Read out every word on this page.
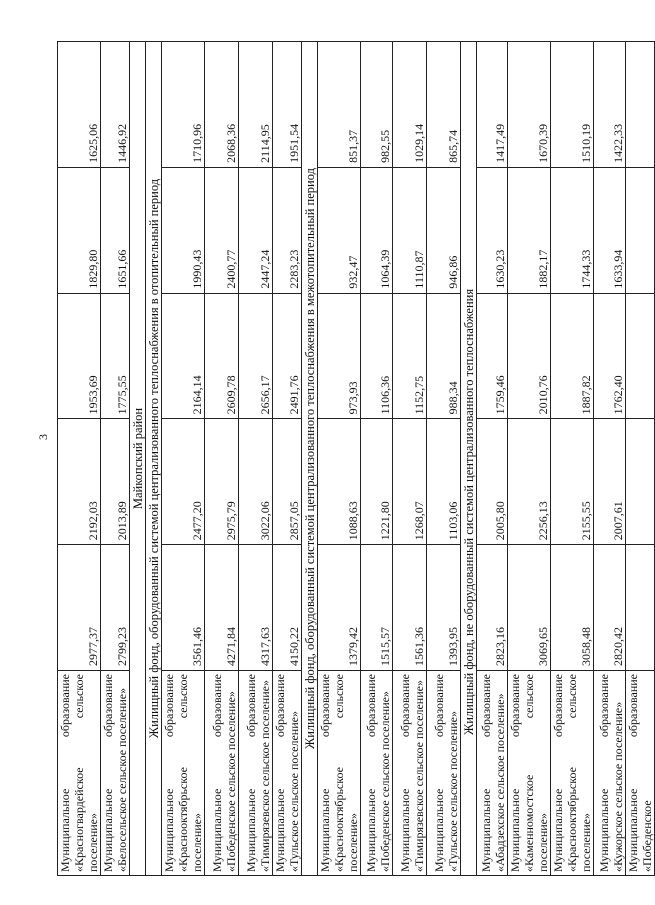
3
Муниципальное образование «Красногвардейское сельское поселение»	2977,37	2192,03	1953,69	1829,80	1625,06
Муниципальное образование «Белосельское сельское поселение»	2799,23	2013,89	1775,55	1651,66	1446,92
Майкопский район					
Жилищный фонд, оборудованный системой централизованного теплоснабжения в отопительный период					
Муниципальное образование «Краснооктябрьское сельское поселение»	3561,46	2477,20	2164,14	1990,43	1710,96
Муниципальное образование «Победенское сельское поселение»	4271,84	2975,79	2609,78	2400,77	2068,36
Муниципальное образование «Тимирязевское сельское поселение»	4317,63	3022,06	2656,17	2447,24	2114,95
Муниципальное образование «Тульское сельское поселение»	4150,22	2857,05	2491,76	2283,23	1951,54
Жилищный фонд, оборудованный системой централизованного теплоснабжения в межотопительный период					
Муниципальное образование «Краснооктябрьское сельское поселение»	1379,42	1088,63	973,93	932,47	851,37
Муниципальное образование «Победенское сельское поселение»	1515,57	1221,80	1106,36	1064,39	982,55
Муниципальное образование «Тимирязевское сельское поселение»	1561,36	1268,07	1152,75	1110,87	1029,14
Муниципальное образование «Тульское сельское поселение»	1393,95	1103,06	988,34	946,86	865,74
Жилищный фонд, не оборудованный системой централизованного теплоснабжения					
Муниципальное образование «Абадзехское сельское поселение»	2823,16	2005,80	1759,46	1630,23	1417,49
Муниципальное образование «Каменномостское сельское поселение»	3069,65	2256,13	2010,76	1882,17	1670,39
Муниципальное образование «Краснооктябрьское сельское поселение»	3058,48	2155,55	1887,82	1744,33	1510,19
Муниципальное образование «Кужорское сельское поселение»	2820,42	2007,61	1762,40	1633,94	1422,33
Муниципальное образование «Победенское					
